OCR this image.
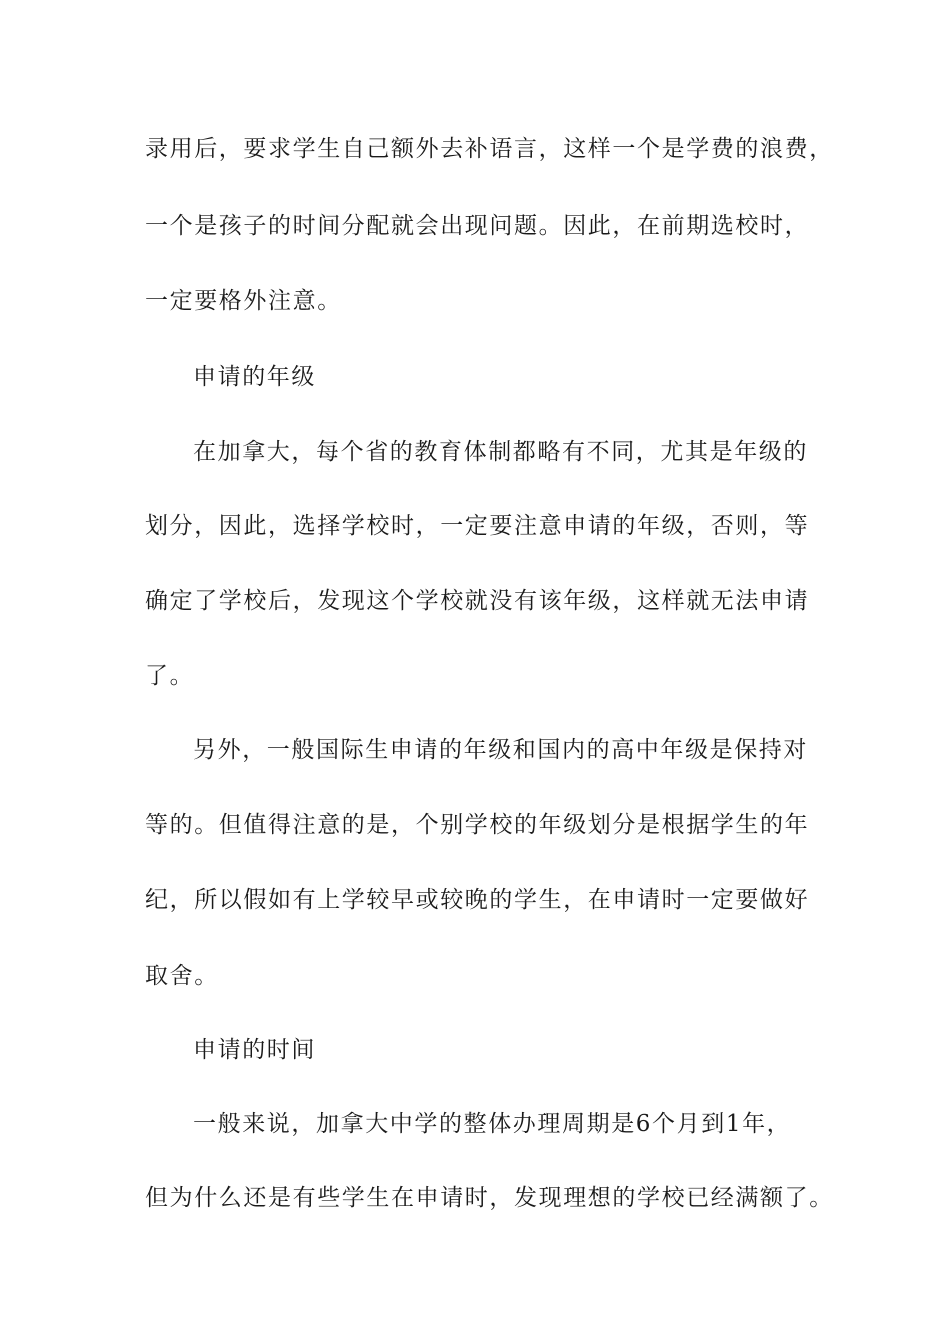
录用后，要求学生自己额外去补语言，这样一个是学费的浪费，
一个是孩子的时间分配就会出现问题。因此，在前期选校时，
一定要格外注意。
申请的年级
在加拿大，每个省的教育体制都略有不同，尤其是年级的
划分，因此，选择学校时，一定要注意申请的年级，否则，等
确定了学校后，发现这个学校就没有该年级，这样就无法申请
了。
另外，一般国际生申请的年级和国内的高中年级是保持对
等的。但值得注意的是，个别学校的年级划分是根据学生的年
纪，所以假如有上学较早或较晚的学生，在申请时一定要做好
取舍。
申请的时间
一般来说，加拿大中学的整体办理周期是6个月到1年，
但为什么还是有些学生在申请时，发现理想的学校已经满额了。
